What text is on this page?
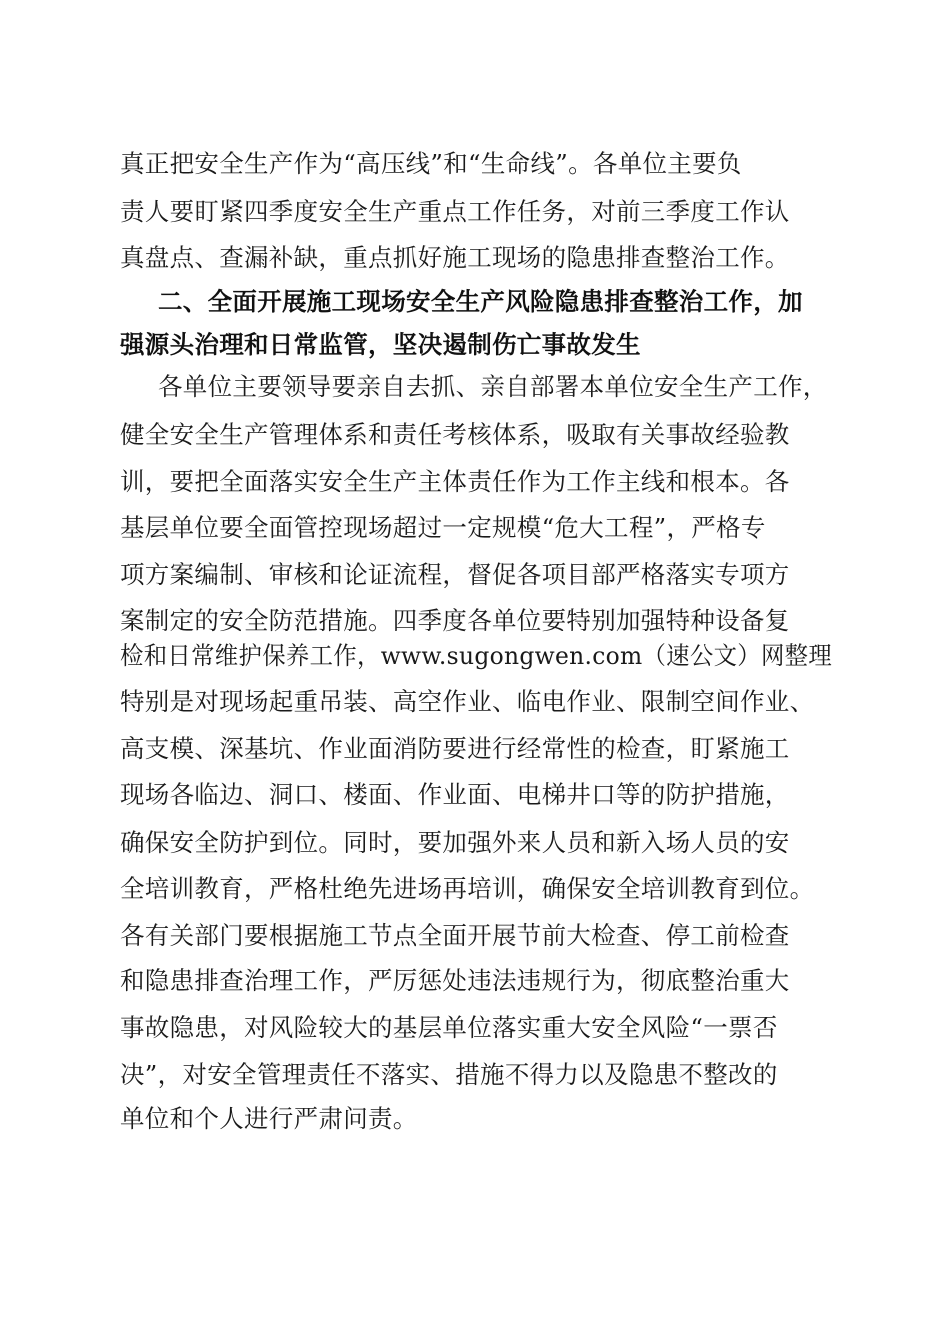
真正把安全生产作为“高压线”和“生命线”。各单位主要负
责人要盯紧四季度安全生产重点工作任务，对前三季度工作认
真盘点、查漏补缺，重点抓好施工现场的隐患排查整治工作。
二、全面开展施工现场安全生产风险隐患排查整治工作，加
强源头治理和日常监管，坚决遏制伤亡事故发生
各单位主要领导要亲自去抓、亲自部署本单位安全生产工作，
健全安全生产管理体系和责任考核体系，吸取有关事故经验教
训，要把全面落实安全生产主体责任作为工作主线和根本。各
基层单位要全面管控现场超过一定规模“危大工程”，严格专
项方案编制、审核和论证流程，督促各项目部严格落实专项方
案制定的安全防范措施。四季度各单位要特别加强特种设备复
检和日常维护保养工作，www.sugongwen.com（速公文）网整理
特别是对现场起重吊装、高空作业、临电作业、限制空间作业、
高支模、深基坑、作业面消防要进行经常性的检查，盯紧施工
现场各临边、洞口、楼面、作业面、电梯井口等的防护措施，
确保安全防护到位。同时，要加强外来人员和新入场人员的安
全培训教育，严格杜绝先进场再培训，确保安全培训教育到位。
各有关部门要根据施工节点全面开展节前大检查、停工前检查
和隐患排查治理工作，严厉惩处违法违规行为，彻底整治重大
事故隐患，对风险较大的基层单位落实重大安全风险“一票否
决”，对安全管理责任不落实、措施不得力以及隐患不整改的
单位和个人进行严肃问责。
